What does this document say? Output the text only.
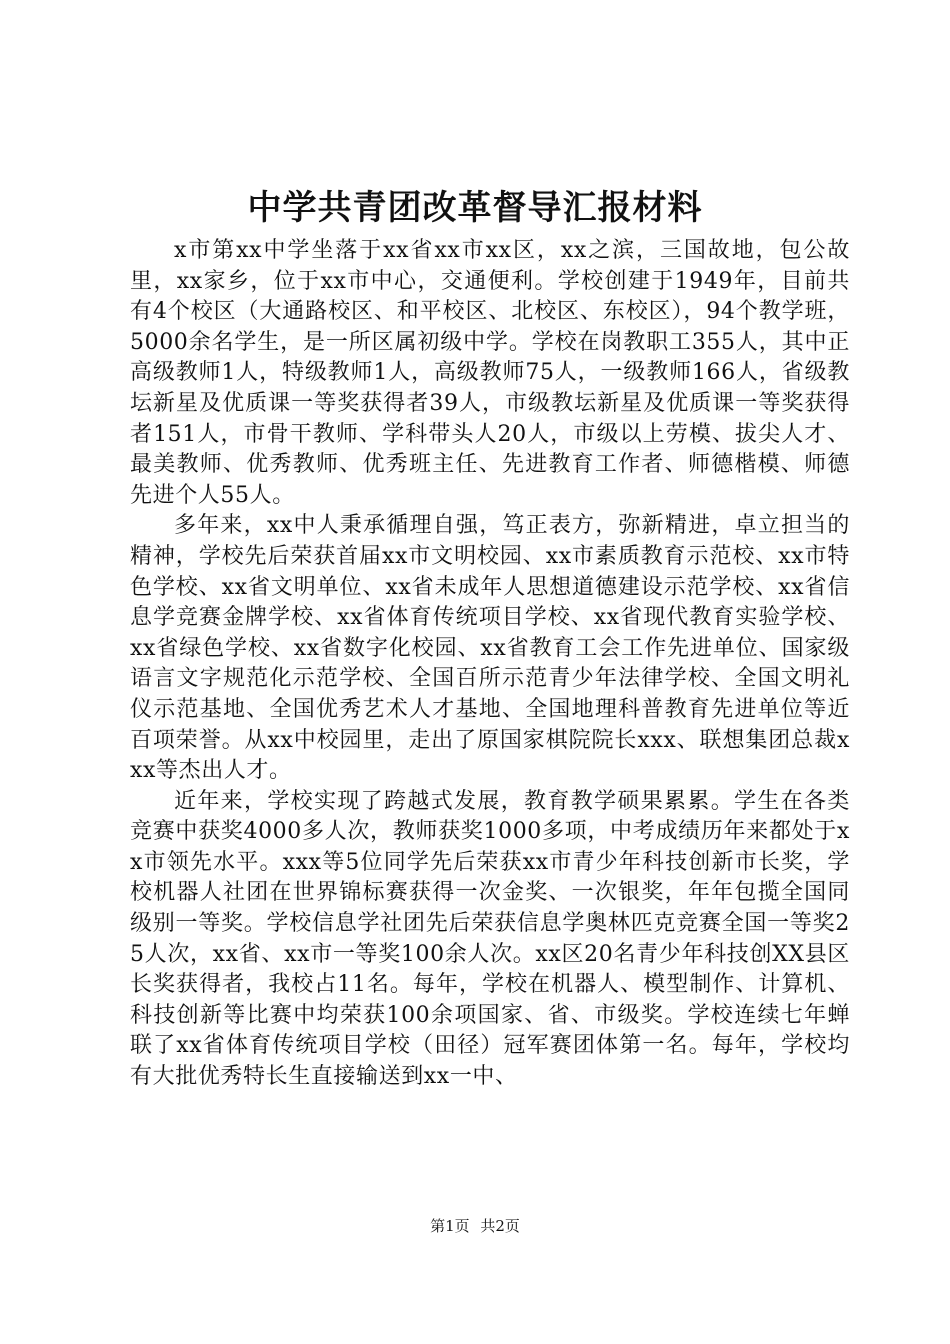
中学共青团改革督导汇报材料

x市第xx中学坐落于xx省xx市xx区，xx之滨，三国故地，包公故里，xx家乡，位于xx市中心，交通便利。学校创建于1949年，目前共有4个校区（大通路校区、和平校区、北校区、东校区），94个教学班，5000余名学生，是一所区属初级中学。学校在岗教职工355人，其中正高级教师1人，特级教师1人，高级教师75人，一级教师166人，省级教坛新星及优质课一等奖获得者39人，市级教坛新星及优质课一等奖获得者151人，市骨干教师、学科带头人20人，市级以上劳模、拔尖人才、最美教师、优秀教师、优秀班主任、先进教育工作者、师德楷模、师德先进个人55人。

多年来，xx中人秉承循理自强，笃正表方，弥新精进，卓立担当的精神，学校先后荣获首届xx市文明校园、xx市素质教育示范校、xx市特色学校、xx省文明单位、xx省未成年人思想道德建设示范学校、xx省信息学竞赛金牌学校、xx省体育传统项目学校、xx省现代教育实验学校、xx省绿色学校、xx省数字化校园、xx省教育工会工作先进单位、国家级语言文字规范化示范学校、全国百所示范青少年法律学校、全国文明礼仪示范基地、全国优秀艺术人才基地、全国地理科普教育先进单位等近百项荣誉。从xx中校园里，走出了原国家棋院院长xxx、联想集团总裁xxx等杰出人才。

近年来，学校实现了跨越式发展，教育教学硕果累累。学生在各类竞赛中获奖4000多人次，教师获奖1000多项，中考成绩历年来都处于xx市领先水平。xxx等5位同学先后荣获xx市青少年科技创新市长奖，学校机器人社团在世界锦标赛获得一次金奖、一次银奖，年年包揽全国同级别一等奖。学校信息学社团先后荣获信息学奥林匹克竞赛全国一等奖25人次，xx省、xx市一等奖100余人次。xx区20名青少年科技创XX县区长奖获得者，我校占11名。每年，学校在机器人、模型制作、计算机、科技创新等比赛中均荣获100余项国家、省、市级奖。学校连续七年蝉联了xx省体育传统项目学校（田径）冠军赛团体第一名。每年，学校均有大批优秀特长生直接输送到xx一中、

第1页 共2页
